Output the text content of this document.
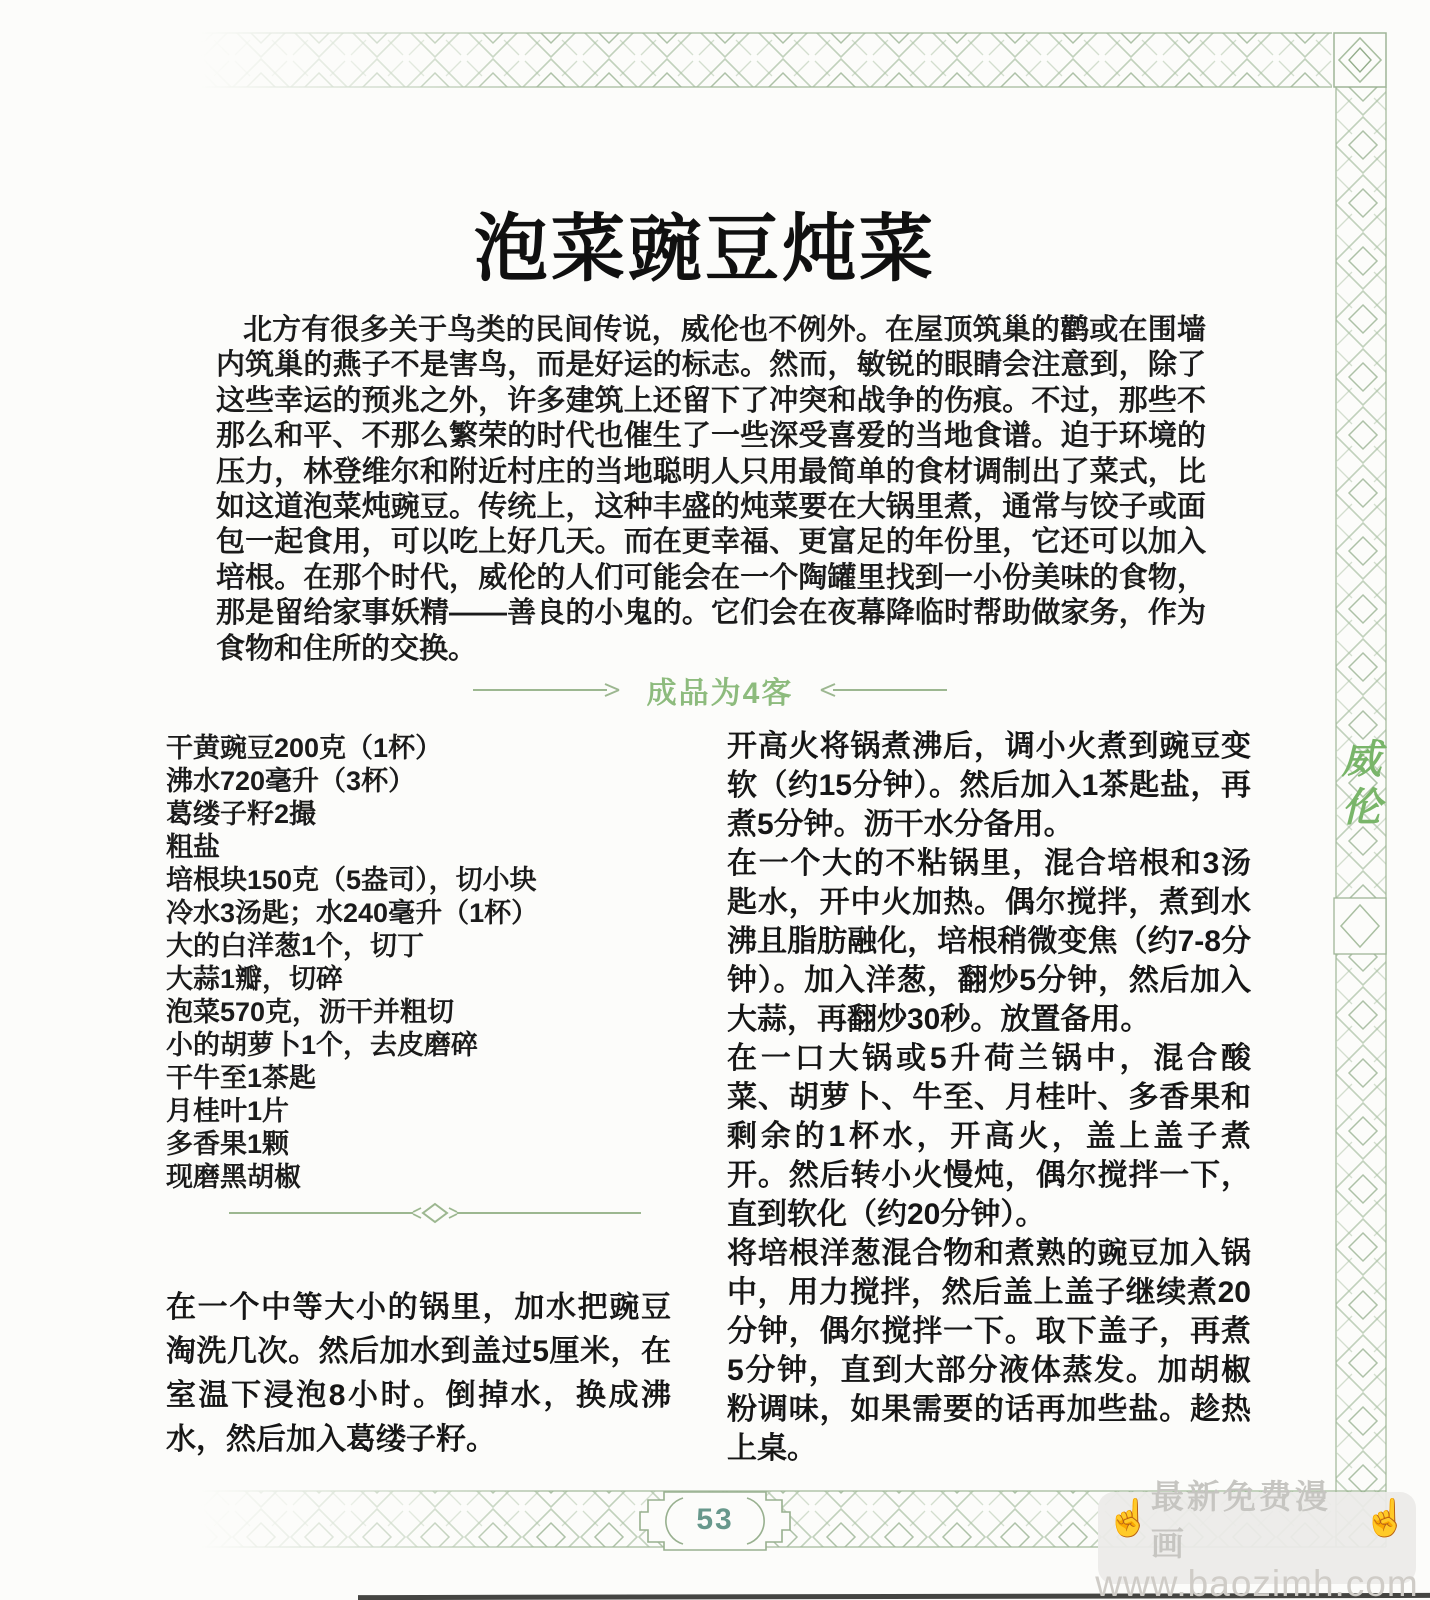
泡菜豌豆炖菜

北方有很多关于鸟类的民间传说，威伦也不例外。在屋顶筑巢的鹳或在围墙内筑巢的燕子不是害鸟，而是好运的标志。然而，敏锐的眼睛会注意到，除了这些幸运的预兆之外，许多建筑上还留下了冲突和战争的伤痕。不过，那些不那么和平、不那么繁荣的时代也催生了一些深受喜爱的当地食谱。迫于环境的压力，林登维尔和附近村庄的当地聪明人只用最简单的食材调制出了菜式，比如这道泡菜炖豌豆。传统上，这种丰盛的炖菜要在大锅里煮，通常与饺子或面包一起食用，可以吃上好几天。而在更幸福、更富足的年份里，它还可以加入培根。在那个时代，威伦的人们可能会在一个陶罐里找到一小份美味的食物，那是留给家事妖精——善良的小鬼的。它们会在夜幕降临时帮助做家务，作为食物和住所的交换。

成品为4客
干黄豌豆200克（1杯）
沸水720毫升（3杯）
葛缕子籽2撮
粗盐
培根块150克（5盎司），切小块
冷水3汤匙；水240毫升（1杯）
大的白洋葱1个，切丁
大蒜1瓣，切碎
泡菜570克，沥干并粗切
小的胡萝卜1个，去皮磨碎
干牛至1茶匙
月桂叶1片
多香果1颗
现磨黑胡椒

在一个中等大小的锅里，加水把豌豆淘洗几次。然后加水到盖过5厘米，在室温下浸泡8小时。倒掉水，换成沸水，然后加入葛缕子籽。

开高火将锅煮沸后，调小火煮到豌豆变软（约15分钟）。然后加入1茶匙盐，再煮5分钟。沥干水分备用。

在一个大的不粘锅里，混合培根和3汤匙水，开中火加热。偶尔搅拌，煮到水沸且脂肪融化，培根稍微变焦（约7-8分钟）。加入洋葱，翻炒5分钟，然后加入大蒜，再翻炒30秒。放置备用。

在一口大锅或5升荷兰锅中，混合酸菜、胡萝卜、牛至、月桂叶、多香果和剩余的1杯水，开高火，盖上盖子煮开。然后转小火慢炖，偶尔搅拌一下，直到软化（约20分钟）。

将培根洋葱混合物和煮熟的豌豆加入锅中，用力搅拌，然后盖上盖子继续煮20分钟，偶尔搅拌一下。取下盖子，再煮5分钟，直到大部分液体蒸发。加胡椒粉调味，如果需要的话再加些盐。趁热上桌。

威伦
53	☝
最新免费漫画
☝
www.baozimh.com
